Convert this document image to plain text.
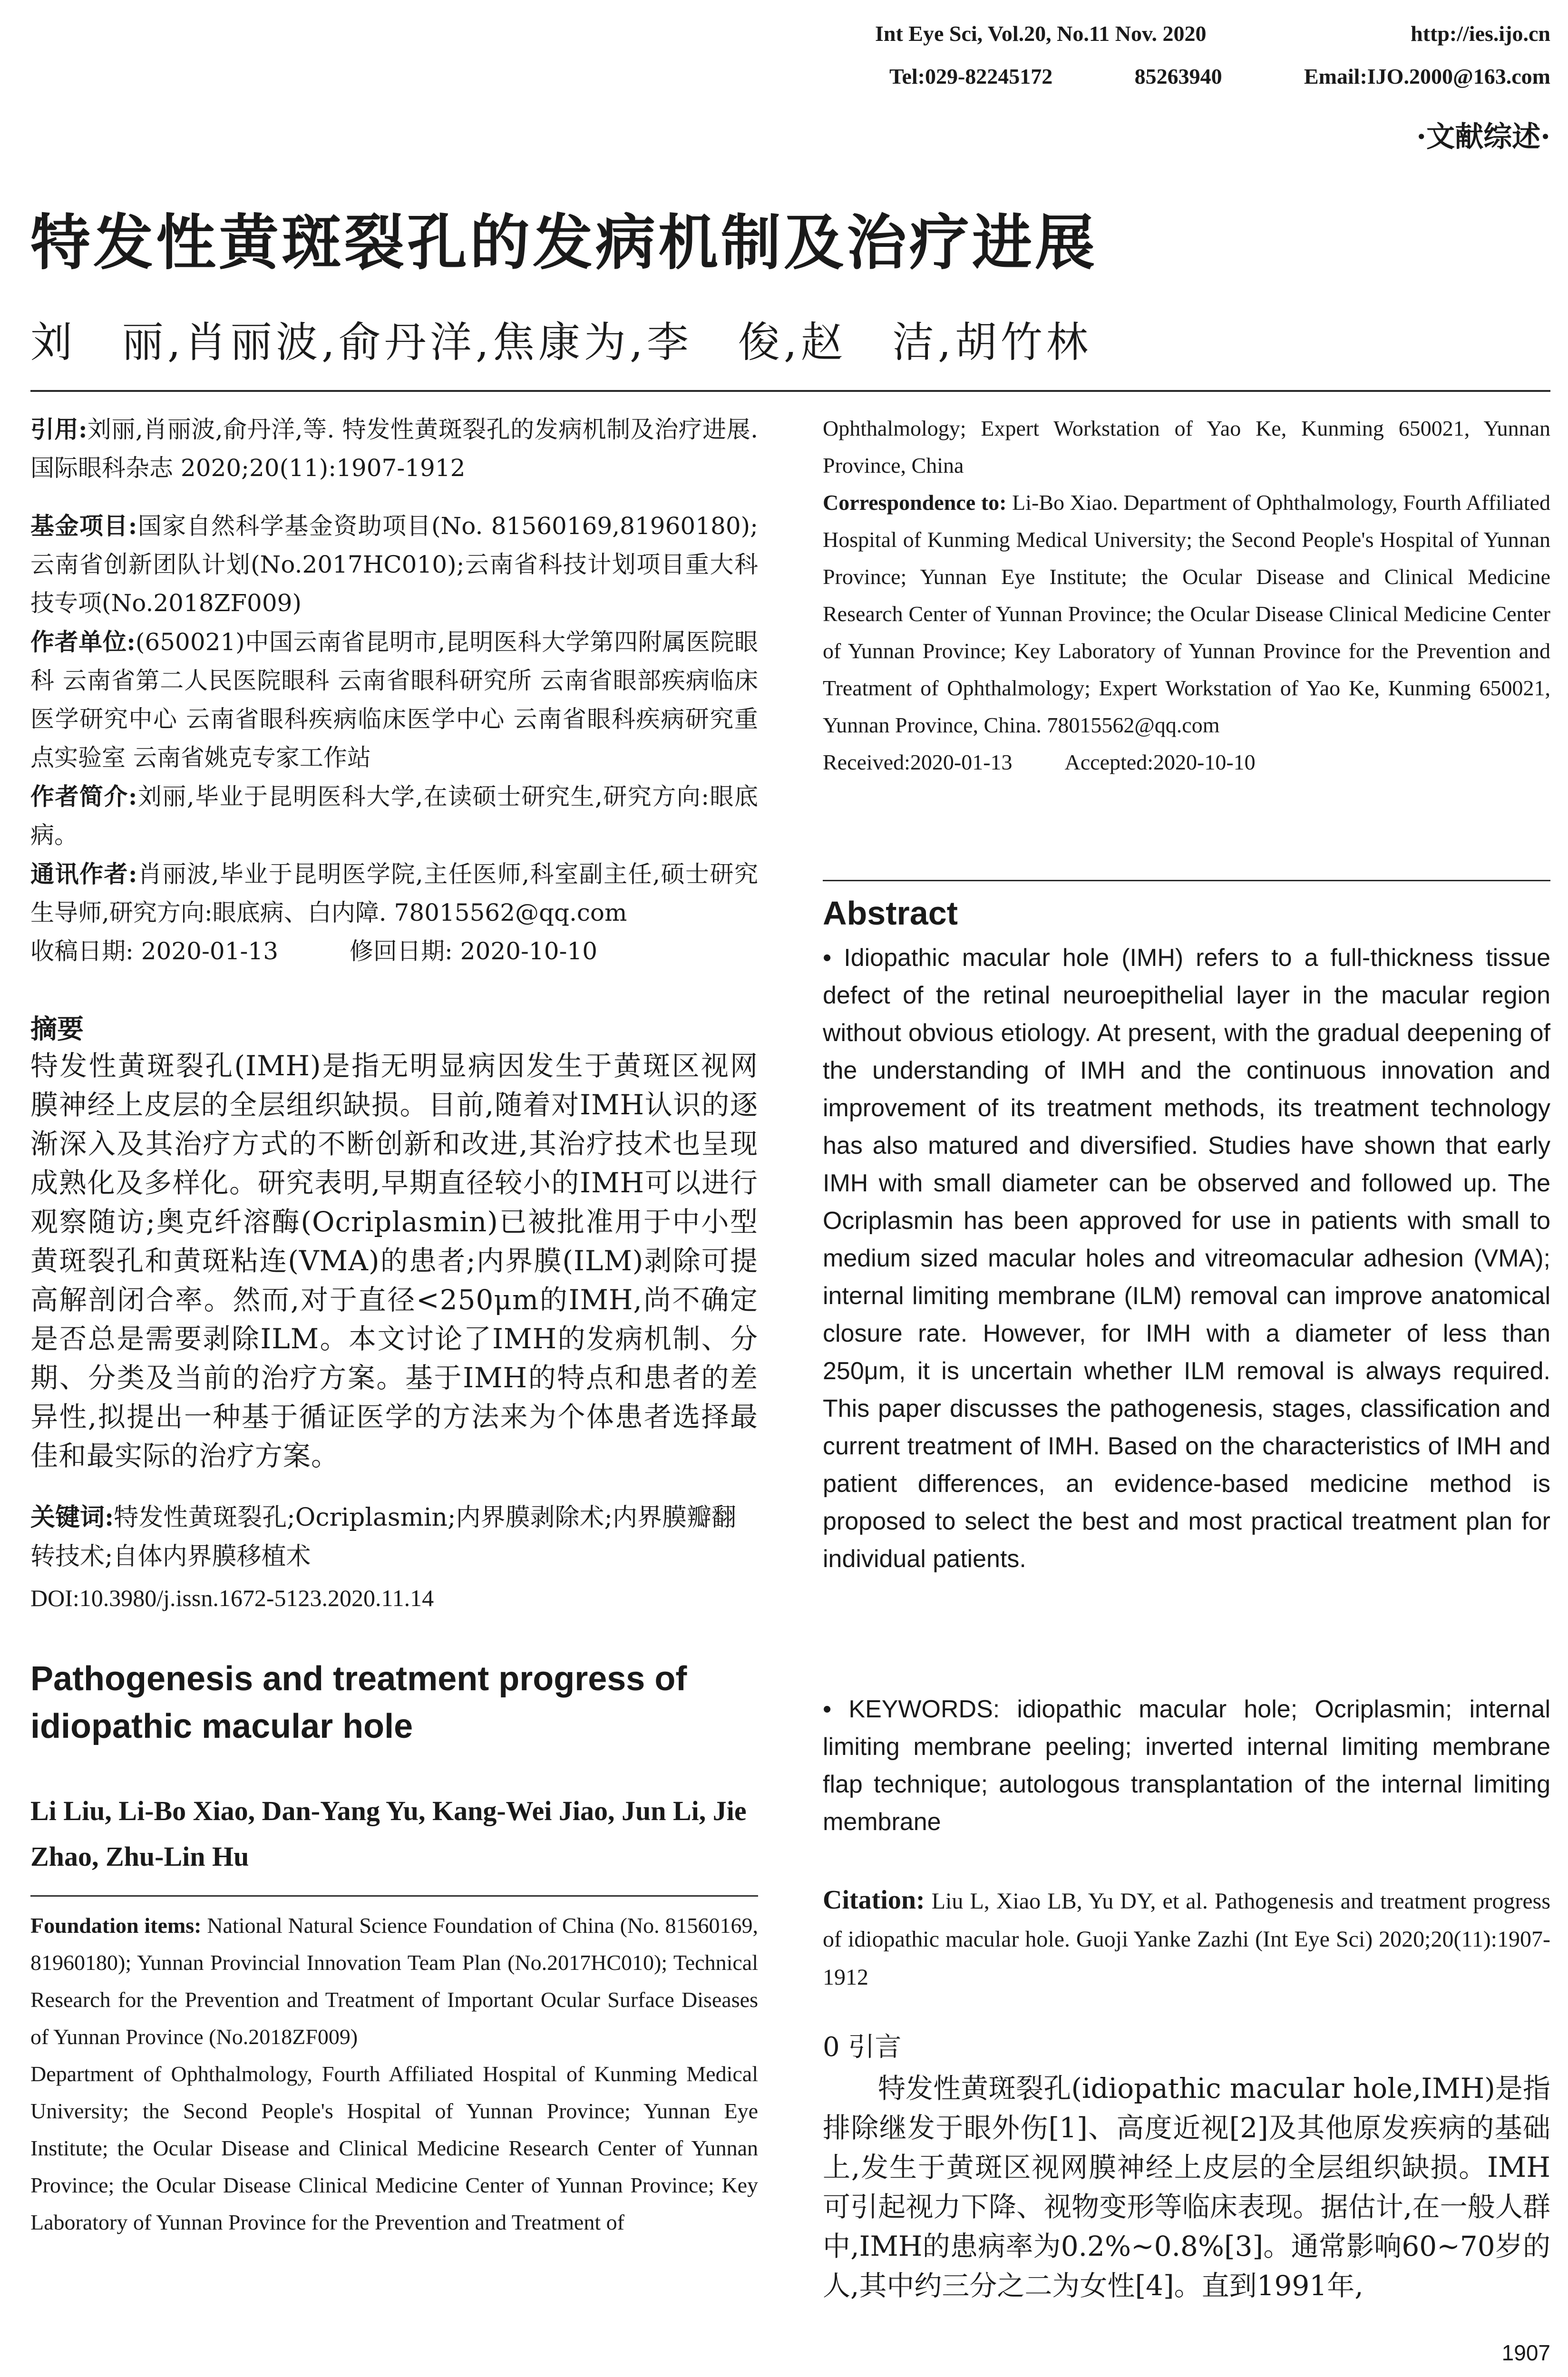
Int Eye Sci, Vol.20, No.11 Nov. 2020	http://ies.ijo.cn
Tel:029-82245172	85263940	Email:IJO.2000@163.com
·文献综述·
特发性黄斑裂孔的发病机制及治疗进展
刘　丽,肖丽波,俞丹洋,焦康为,李　俊,赵　洁,胡竹林
引用:刘丽,肖丽波,俞丹洋,等. 特发性黄斑裂孔的发病机制及治疗进展. 国际眼科杂志 2020;20(11):1907-1912
基金项目:国家自然科学基金资助项目(No. 81560169,81960180);云南省创新团队计划(No.2017HC010);云南省科技计划项目重大科技专项(No.2018ZF009)
作者单位:(650021)中国云南省昆明市,昆明医科大学第四附属医院眼科 云南省第二人民医院眼科 云南省眼科研究所 云南省眼部疾病临床医学研究中心 云南省眼科疾病临床医学中心 云南省眼科疾病研究重点实验室 云南省姚克专家工作站
作者简介:刘丽,毕业于昆明医科大学,在读硕士研究生,研究方向:眼底病。
通讯作者:肖丽波,毕业于昆明医学院,主任医师,科室副主任,硕士研究生导师,研究方向:眼底病、白内障. 78015562@qq.com
收稿日期: 2020-01-13　　　修回日期: 2020-10-10
摘要
特发性黄斑裂孔(IMH)是指无明显病因发生于黄斑区视网膜神经上皮层的全层组织缺损。目前,随着对IMH认识的逐渐深入及其治疗方式的不断创新和改进,其治疗技术也呈现成熟化及多样化。研究表明,早期直径较小的IMH可以进行观察随访;奥克纤溶酶(Ocriplasmin)已被批准用于中小型黄斑裂孔和黄斑粘连(VMA)的患者;内界膜(ILM)剥除可提高解剖闭合率。然而,对于直径<250μm的IMH,尚不确定是否总是需要剥除ILM。本文讨论了IMH的发病机制、分期、分类及当前的治疗方案。基于IMH的特点和患者的差异性,拟提出一种基于循证医学的方法来为个体患者选择最佳和最实际的治疗方案。
关键词:特发性黄斑裂孔;Ocriplasmin;内界膜剥除术;内界膜瓣翻转技术;自体内界膜移植术
DOI:10.3980/j.issn.1672-5123.2020.11.14
Pathogenesis and treatment progress of idiopathic macular hole
Li Liu, Li-Bo Xiao, Dan-Yang Yu, Kang-Wei Jiao, Jun Li, Jie Zhao, Zhu-Lin Hu
Foundation items: National Natural Science Foundation of China (No. 81560169, 81960180); Yunnan Provincial Innovation Team Plan (No.2017HC010); Technical Research for the Prevention and Treatment of Important Ocular Surface Diseases of Yunnan Province (No.2018ZF009)
Department of Ophthalmology, Fourth Affiliated Hospital of Kunming Medical University; the Second People's Hospital of Yunnan Province; Yunnan Eye Institute; the Ocular Disease and Clinical Medicine Research Center of Yunnan Province; the Ocular Disease Clinical Medicine Center of Yunnan Province; Key Laboratory of Yunnan Province for the Prevention and Treatment of
Ophthalmology; Expert Workstation of Yao Ke, Kunming 650021, Yunnan Province, China
Correspondence to: Li-Bo Xiao. Department of Ophthalmology, Fourth Affiliated Hospital of Kunming Medical University; the Second People's Hospital of Yunnan Province; Yunnan Eye Institute; the Ocular Disease and Clinical Medicine Research Center of Yunnan Province; the Ocular Disease Clinical Medicine Center of Yunnan Province; Key Laboratory of Yunnan Province for the Prevention and Treatment of Ophthalmology; Expert Workstation of Yao Ke, Kunming 650021, Yunnan Province, China. 78015562@qq.com
Received:2020-01-13 Accepted:2020-10-10
Abstract
• Idiopathic macular hole (IMH) refers to a full-thickness tissue defect of the retinal neuroepithelial layer in the macular region without obvious etiology. At present, with the gradual deepening of the understanding of IMH and the continuous innovation and improvement of its treatment methods, its treatment technology has also matured and diversified. Studies have shown that early IMH with small diameter can be observed and followed up. The Ocriplasmin has been approved for use in patients with small to medium sized macular holes and vitreomacular adhesion (VMA); internal limiting membrane (ILM) removal can improve anatomical closure rate. However, for IMH with a diameter of less than 250μm, it is uncertain whether ILM removal is always required. This paper discusses the pathogenesis, stages, classification and current treatment of IMH. Based on the characteristics of IMH and patient differences, an evidence-based medicine method is proposed to select the best and most practical treatment plan for individual patients.
• KEYWORDS: idiopathic macular hole; Ocriplasmin; internal limiting membrane peeling; inverted internal limiting membrane flap technique; autologous transplantation of the internal limiting membrane
Citation: Liu L, Xiao LB, Yu DY, et al. Pathogenesis and treatment progress of idiopathic macular hole. Guoji Yanke Zazhi (Int Eye Sci) 2020;20(11):1907-1912
0 引言
特发性黄斑裂孔(idiopathic macular hole,IMH)是指排除继发于眼外伤[1]、高度近视[2]及其他原发疾病的基础上,发生于黄斑区视网膜神经上皮层的全层组织缺损。IMH可引起视力下降、视物变形等临床表现。据估计,在一般人群中,IMH的患病率为0.2%~0.8%[3]。通常影响60~70岁的人,其中约三分之二为女性[4]。直到1991年,
1907
